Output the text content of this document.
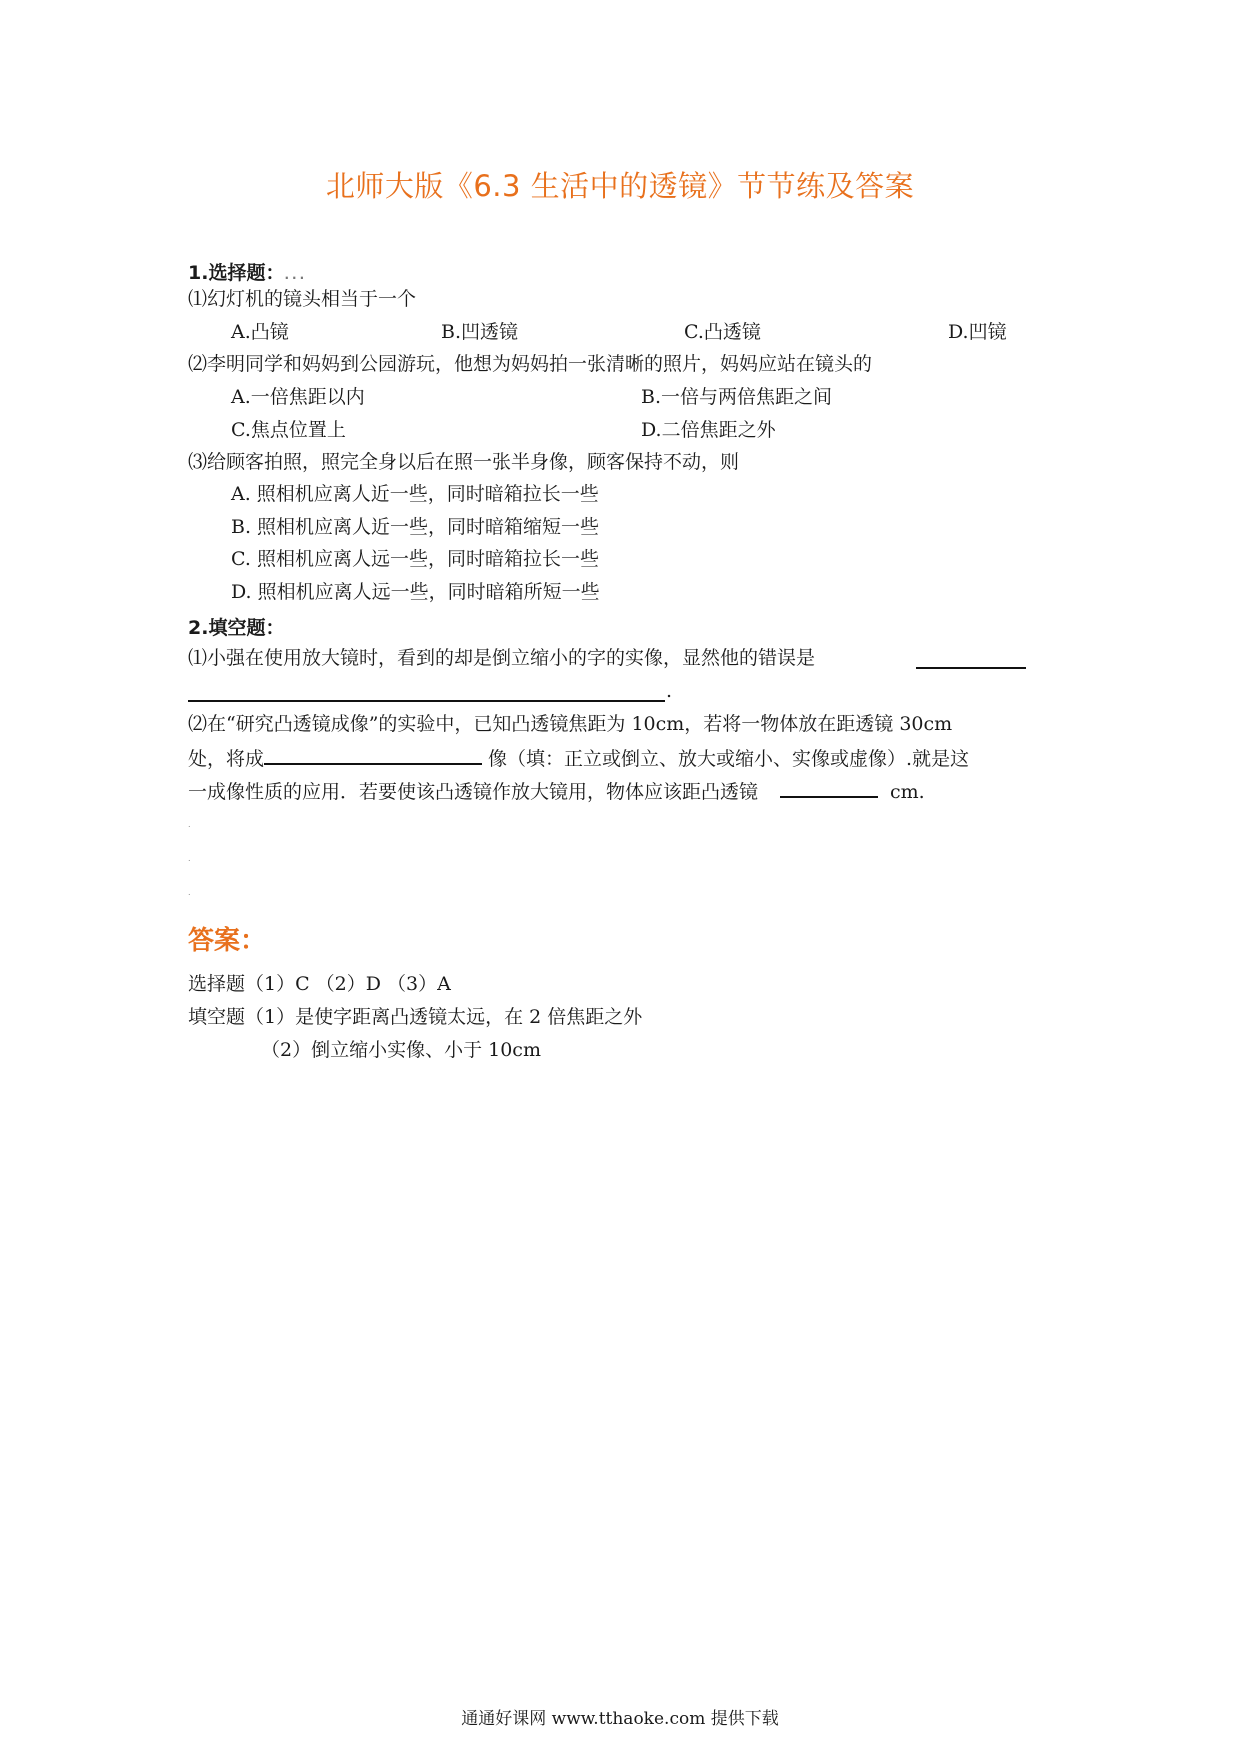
北师大版《6.3 生活中的透镜》节节练及答案
1.选择题：...
⑴幻灯机的镜头相当于一个
A.凸镜	B.凹透镜	C.凸透镜	D.凹镜
⑵李明同学和妈妈到公园游玩，他想为妈妈拍一张清晰的照片，妈妈应站在镜头的
A.一倍焦距以内	B.一倍与两倍焦距之间
C.焦点位置上	D.二倍焦距之外
⑶给顾客拍照，照完全身以后在照一张半身像，顾客保持不动，则
A. 照相机应离人近一些，同时暗箱拉长一些
B. 照相机应离人近一些，同时暗箱缩短一些
C. 照相机应离人远一些，同时暗箱拉长一些
D. 照相机应离人远一些，同时暗箱所短一些
2.填空题：
⑴小强在使用放大镜时，看到的却是倒立缩小的字的实像，显然他的错误是
.
⑵在“研究凸透镜成像”的实验中，已知凸透镜焦距为 10cm，若将一物体放在距透镜 30cm
处，将成	像（填：正立或倒立、放大或缩小、实像或虚像）.就是这
一成像性质的应用．若要使该凸透镜作放大镜用，物体应该距凸透镜	cm.
.
.
.
答案：
选择题（1）C （2）D （3）A
填空题（1）是使字距离凸透镜太远，在 2 倍焦距之外
（2）倒立缩小实像、小于 10cm
通通好课网 www.tthaoke.com 提供下载
